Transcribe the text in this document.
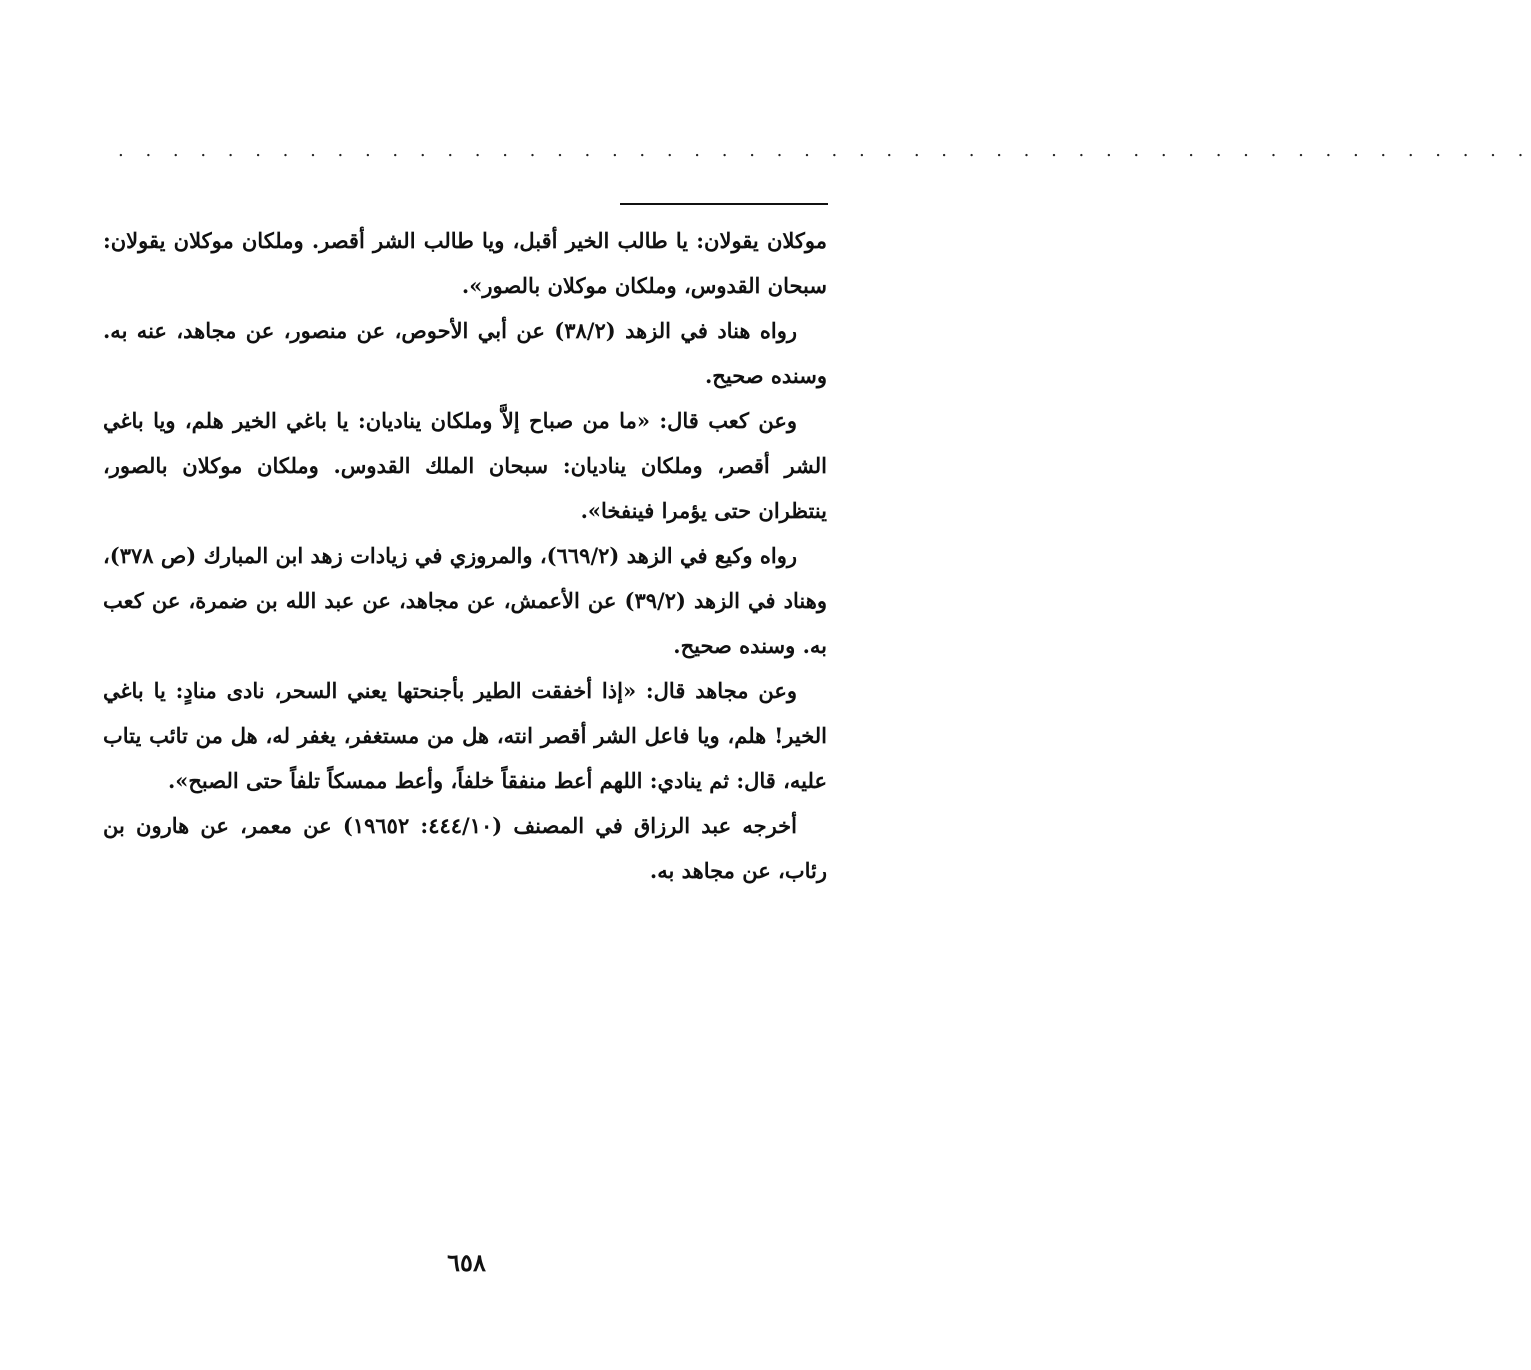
. . . . . . . . . . . . . . . . . . . . . . . . . . . . . . . . . . . . . . . . . . . . . . . . . . . .

موكلان يقولان: يا طالب الخير أقبل، ويا طالب الشر أقصر. وملكان موكلان يقولان: سبحان القدوس، وملكان موكلان بالصور».

رواه هناد في الزهد (٣٨/٢) عن أبي الأحوص، عن منصور، عن مجاهد، عنه به. وسنده صحيح.

وعن كعب قال: «ما من صباح إلاَّ وملكان يناديان: يا باغي الخير هلم، ويا باغي الشر أقصر، وملكان يناديان: سبحان الملك القدوس. وملكان موكلان بالصور، ينتظران حتى يؤمرا فينفخا».

رواه وكيع في الزهد (٦٦٩/٢)، والمروزي في زيادات زهد ابن المبارك (ص ٣٧٨)، وهناد في الزهد (٣٩/٢) عن الأعمش، عن مجاهد، عن عبد الله بن ضمرة، عن كعب به. وسنده صحيح.

وعن مجاهد قال: «إذا أخفقت الطير بأجنحتها يعني السحر، نادى منادٍ: يا باغي الخير! هلم، ويا فاعل الشر أقصر انته، هل من مستغفر، يغفر له، هل من تائب يتاب عليه، قال: ثم ينادي: اللهم أعط منفقاً خلفاً، وأعط ممسكاً تلفاً حتى الصبح».

أخرجه عبد الرزاق في المصنف (٤٤٤/١٠: ١٩٦٥٢) عن معمر، عن هارون بن رئاب، عن مجاهد به.

٦٥٨
